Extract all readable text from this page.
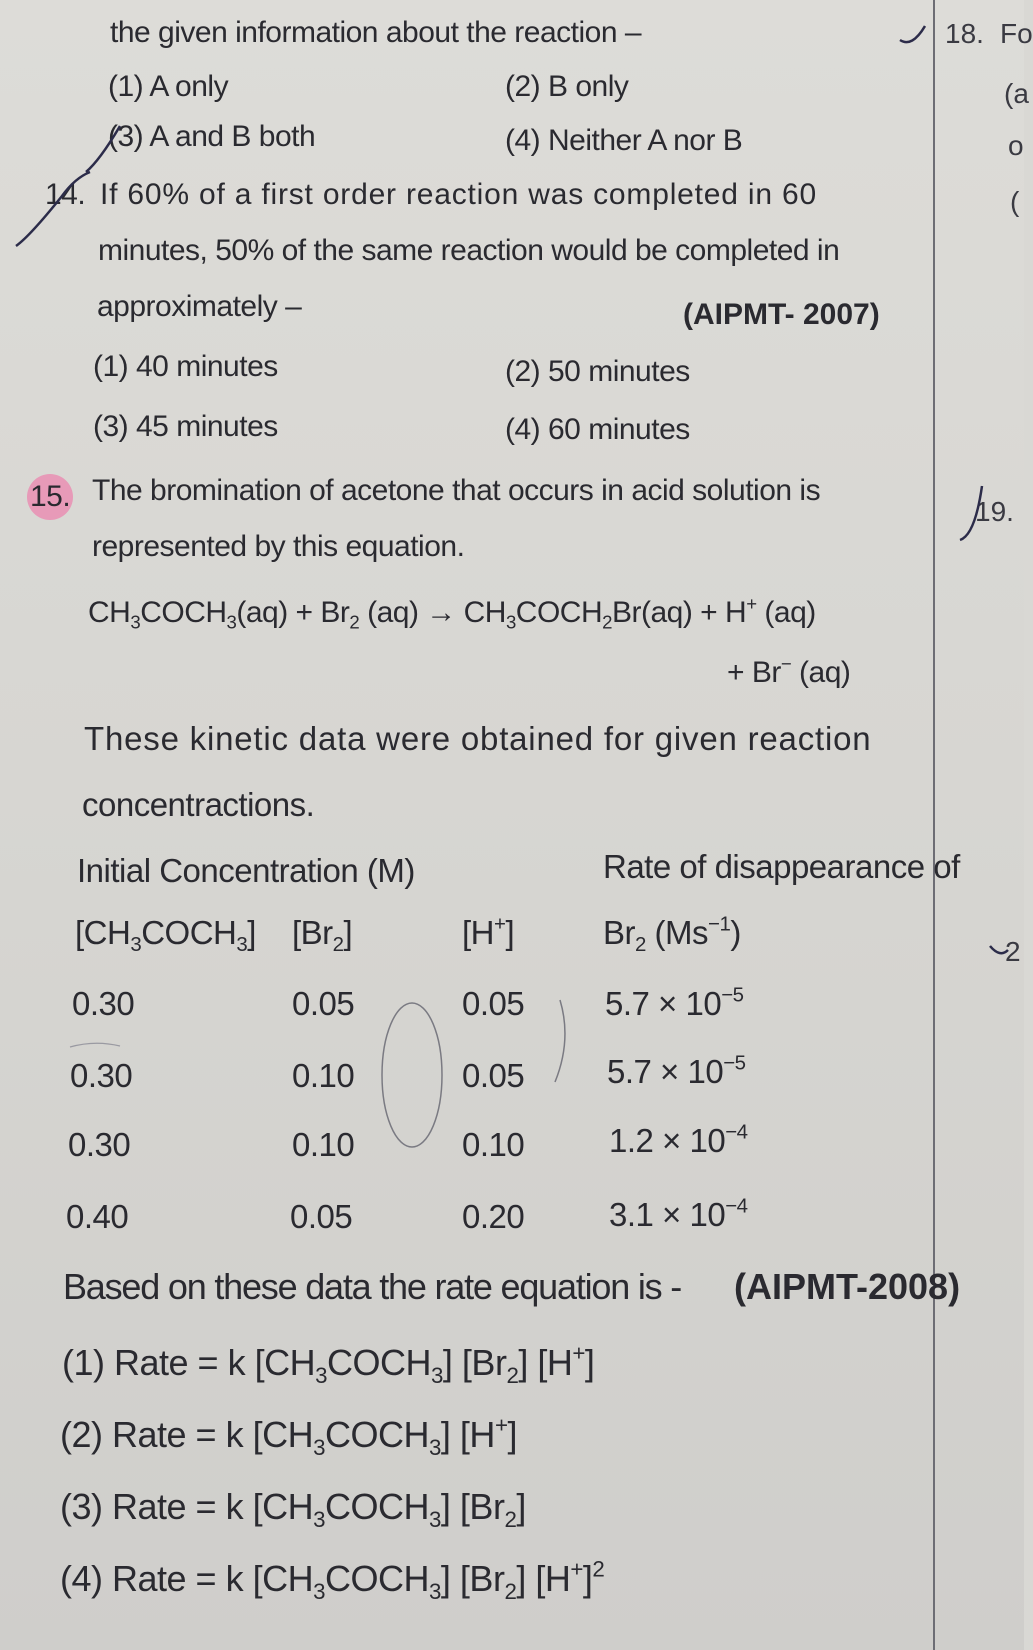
the given information about the reaction –
(1) A only	(2) B only
(3) A and B both	(4) Neither A nor B
14. If 60% of a first order reaction was completed in 60
minutes, 50% of the same reaction would be completed in
approximately –	(AIPMT- 2007)
(1) 40 minutes	(2) 50 minutes
(3) 45 minutes	(4) 60 minutes
15. The bromination of acetone that occurs in acid solution is
represented by this equation.
$CH_3COCH_3(aq) + Br_2$ $(aq) \to CH_3COCH_2Br(aq) + H^+$ (aq)
+ Br− (aq)
These kinetic data were obtained for given reaction
concentractions.
Initial Concentration (M)	Rate of disappearance of
$[CH_3COCH_3]$ $[Br_2]$	[H+]	$Br_2$ $(Ms^{-1})$
0.30	0.05	0.05 $5.7 \times 10^{-5}$
0.30	0.10	0.05	$5.7 \times 10^{-5}$
0.30	0.10	0.10	$1.2 \times 10^{-4}$
0.40	0.05	0.20	$3.1 \times 10^{-4}$
Based on these data the rate equation is - (AIPMT-2008)
(1) Rate = k $[CH_3COCH_3]$ $[Br_2]$ [H+]
(2) Rate = k $[CH_3COCH_3]$ [H+]
(3) Rate = k $[CH_3COCH_3]$ $[Br_2]$
(4) Rate = k $[CH_3COCH_3]$ $[Br_2]$ $[H^+]^2$
18. Fo
(a
o
(
19.
2
